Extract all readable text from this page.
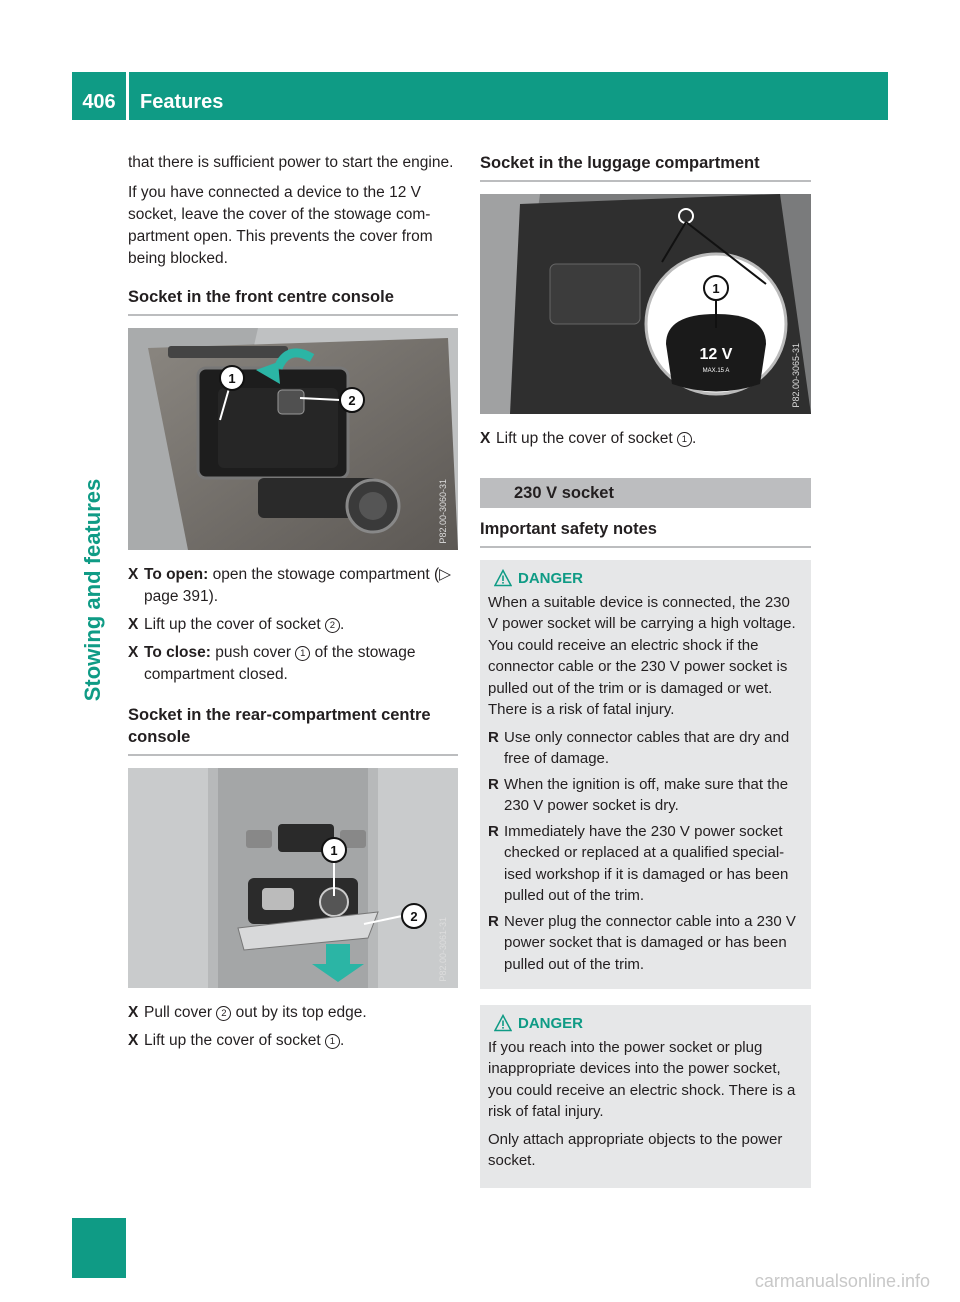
406	Features
Stowing and features

that there is sufficient power to start the engine.

If you have connected a device to the 12 V socket, leave the cover of the stowage com-partment open. This prevents the cover from being blocked.

Socket in the front centre console
1
2
P82.00-3060-31
X To open: open the stowage compartment (▷ page 391).
X Lift up the cover of socket 2 .
X To close: push cover 1 of the stowage compartment closed.
Socket in the rear-compartment centre console
1
2
P82.00-3061-31
X Pull cover 2 out by its top edge.
X Lift up the cover of socket 1 .
Socket in the luggage compartment
12 V
MAX.15 A
1
P82.00-3065-31
X Lift up the cover of socket 1 .
230 V socket
Important safety notes
DANGER

When a suitable device is connected, the 230 V power socket will be carrying a high voltage. You could receive an electric shock if the connector cable or the 230 V power socket is pulled out of the trim or is damaged or wet. There is a risk of fatal injury.

R Use only connector cables that are dry and free of damage.
R When the ignition is off, make sure that the 230 V power socket is dry.
R Immediately have the 230 V power socket checked or replaced at a qualified special-ised workshop if it is damaged or has been pulled out of the trim.
R Never plug the connector cable into a 230 V power socket that is damaged or has been pulled out of the trim.
DANGER

If you reach into the power socket or plug inappropriate devices into the power socket, you could receive an electric shock. There is a risk of fatal injury.

Only attach appropriate objects to the power socket.

carmanualsonline.info
